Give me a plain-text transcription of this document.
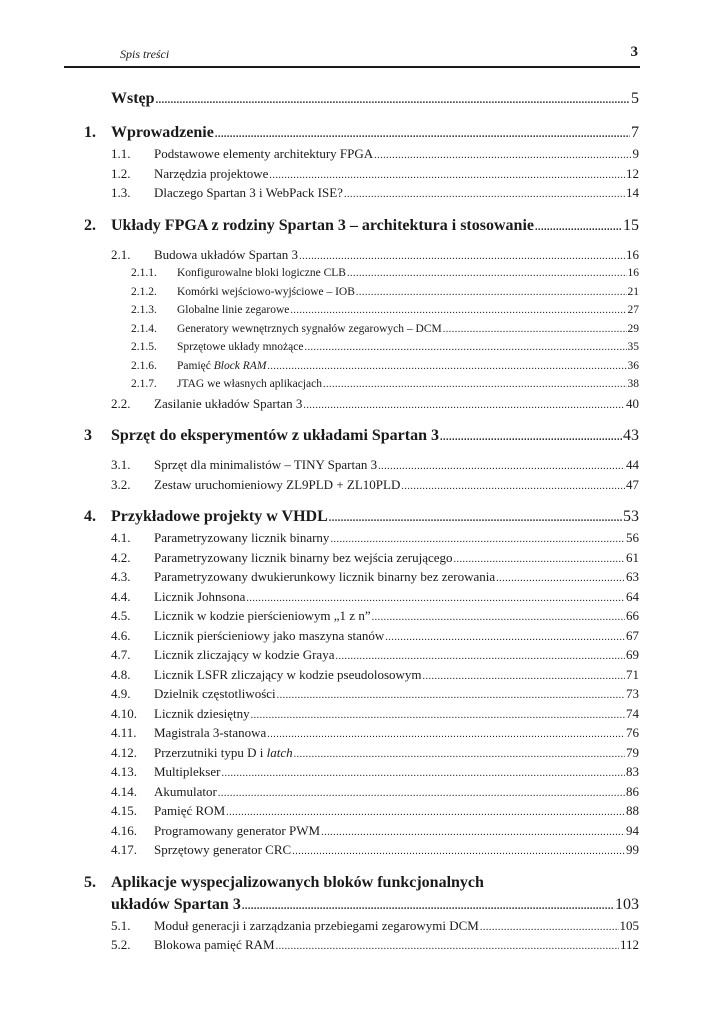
Spis treści	3
Wstęp .....	5
1. Wprowadzenie .....	7
1.1. Podstawowe elementy architektury FPGA .....	9
1.2. Narzędzia projektowe .....	12
1.3. Dlaczego Spartan 3 i WebPack ISE? .....	14
2. Układy FPGA z rodziny Spartan 3 – architektura i stosowanie .....	15
2.1. Budowa układów Spartan 3 .....	16
2.1.1. Konfigurowalne bloki logiczne CLB .....	16
2.1.2. Komórki wejściowo-wyjściowe – IOB .....	21
2.1.3. Globalne linie zegarowe .....	27
2.1.4. Generatory wewnętrznych sygnałów zegarowych – DCM .....	29
2.1.5. Sprzętowe układy mnożące .....	35
2.1.6. Pamięć Block RAM .....	36
2.1.7. JTAG we własnych aplikacjach .....	38
2.2. Zasilanie układów Spartan 3 .....	40
3 Sprzęt do eksperymentów z układami Spartan 3 .....	43
3.1. Sprzęt dla minimalistów – TINY Spartan 3 .....	44
3.2. Zestaw uruchomieniowy ZL9PLD + ZL10PLD .....	47
4. Przykładowe projekty w VHDL .....	53
4.1. Parametryzowany licznik binarny .....	56
4.2. Parametryzowany licznik binarny bez wejścia zerującego .....	61
4.3. Parametryzowany dwukierunkowy licznik binarny bez zerowania .....	63
4.4. Licznik Johnsona .....	64
4.5. Licznik w kodzie pierścieniowym „1 z n” .....	66
4.6. Licznik pierścieniowy jako maszyna stanów .....	67
4.7. Licznik zliczający w kodzie Graya .....	69
4.8. Licznik LSFR zliczający w kodzie pseudolosowym .....	71
4.9. Dzielnik częstotliwości .....	73
4.10. Licznik dziesiętny .....	74
4.11. Magistrala 3-stanowa .....	76
4.12. Przerzutniki typu D i latch .....	79
4.13. Multiplekser .....	83
4.14. Akumulator .....	86
4.15. Pamięć ROM .....	88
4.16. Programowany generator PWM .....	94
4.17. Sprzętowy generator CRC .....	99
5. Aplikacje wyspecjalizowanych bloków funkcjonalnych
układów Spartan 3 .....	103
5.1. Moduł generacji i zarządzania przebiegami zegarowymi DCM .....	105
5.2. Blokowa pamięć RAM .....	112
